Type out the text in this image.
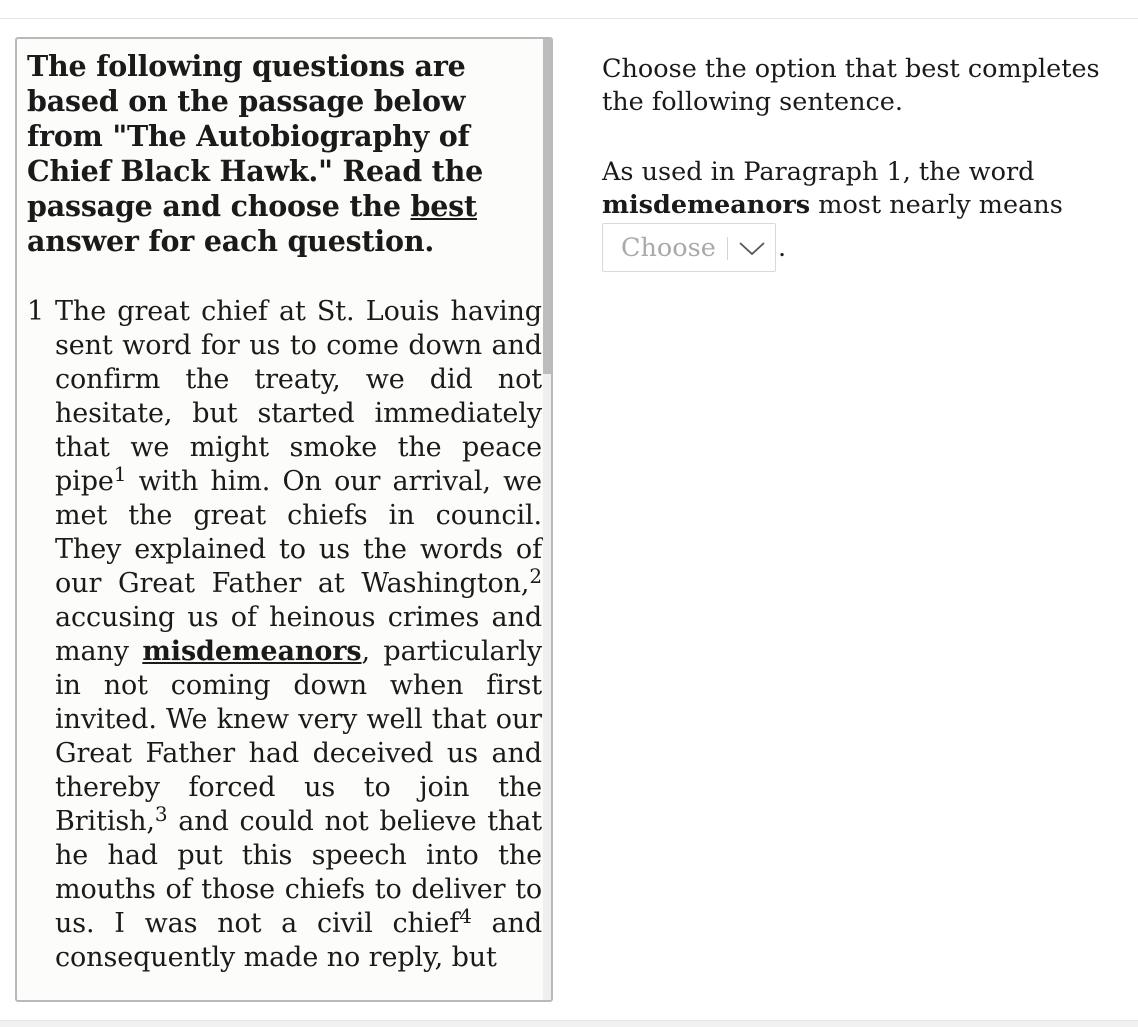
The following questions are based on the passage below from "The Autobiography of Chief Black Hawk." Read the passage and choose the best answer for each question.
1 The great chief at St. Louis having sent word for us to come down and confirm the treaty, we did not hesitate, but started immediately that we might smoke the peace pipe$^1$ with him. On our arrival, we met the great chiefs in council. They explained to us the words of our Great Father at Washington,$^2$ accusing us of heinous crimes and many misdemeanors, particularly in not coming down when first invited. We knew very well that our Great Father had deceived us and thereby forced us to join the British,$^3$ and could not believe that he had put this speech into the mouths of those chiefs to deliver to us. I was not a civil chief$^4$ and consequently made no reply, but
Choose the option that best completes the following sentence.
As used in Paragraph 1, the word misdemeanors most nearly means
Choose .
